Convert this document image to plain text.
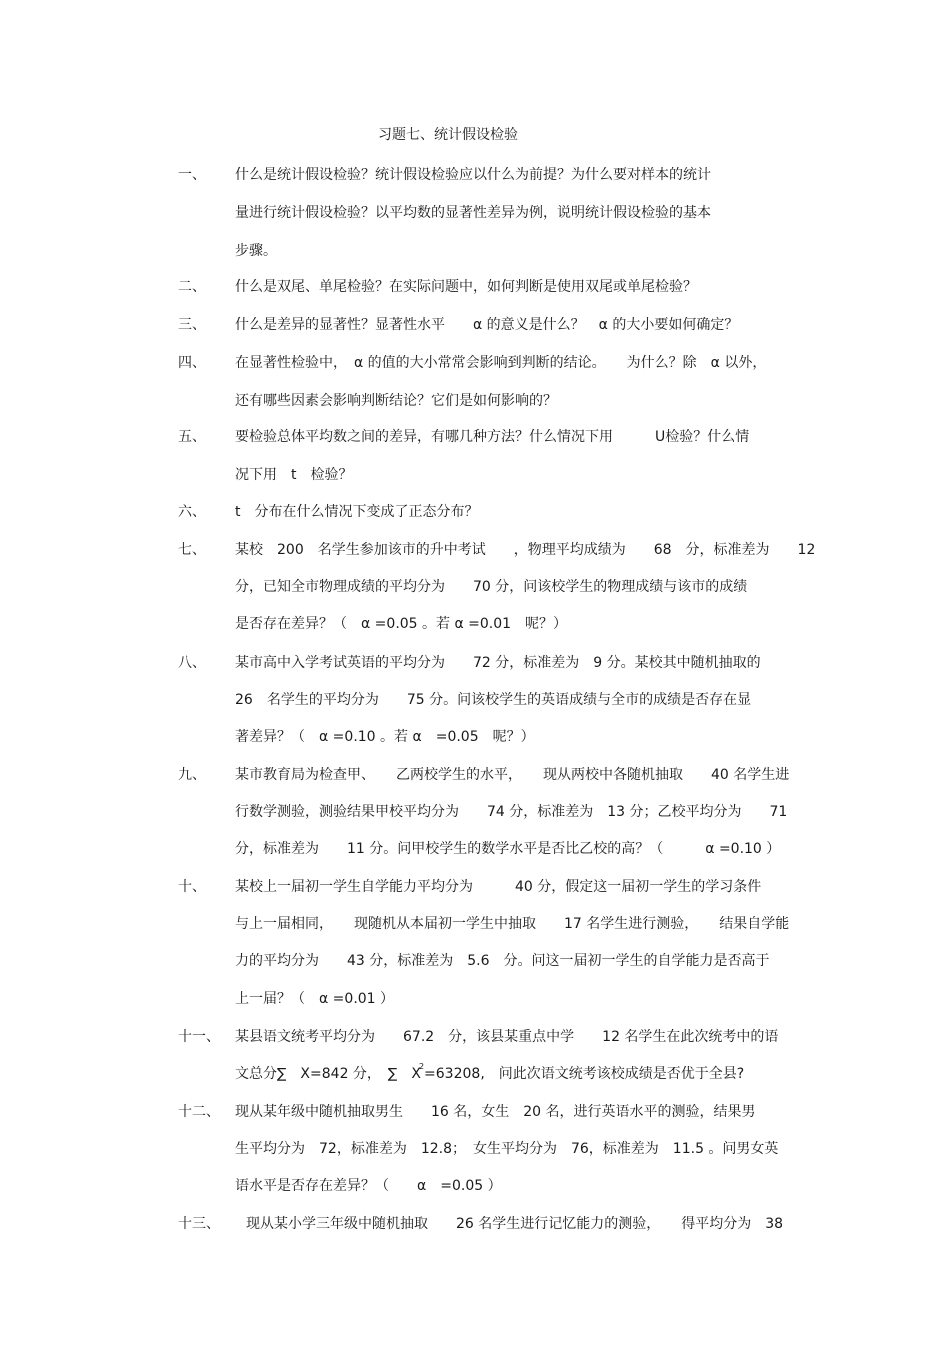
习题七、统计假设检验
一、 什么是统计假设检验？统计假设检验应以什么为前提？为什么要对样本的统计
量进行统计假设检验？以平均数的显著性差异为例，说明统计假设检验的基本
步骤。
二、 什么是双尾、单尾检验？在实际问题中，如何判断是使用双尾或单尾检验？
三、 什么是差异的显著性？显著性水平　　α 的意义是什么？　α 的大小要如何确定？
四、 在显著性检验中，　α 的值的大小常常会影响到判断的结论。　　为什么？除　α 以外，
还有哪些因素会影响判断结论？它们是如何影响的？
五、 要检验总体平均数之间的差异，有哪几种方法？什么情况下用　　　U检验？什么情
况下用　t　检验？
六、 t　分布在什么情况下变成了正态分布？
七、 某校　200　名学生参加该市的升中考试　　，物理平均成绩为　　68　分，标准差为　　12
分，已知全市物理成绩的平均分为　　70 分，问该校学生的物理成绩与该市的成绩
是否存在差异？（　α =0.05 。若 α =0.01　呢？）
八、 某市高中入学考试英语的平均分为　　72 分，标准差为　9 分。某校其中随机抽取的
26　名学生的平均分为　　75 分。问该校学生的英语成绩与全市的成绩是否存在显
著差异？（　α =0.10 。若 α　=0.05　呢？）
九、 某市教育局为检查甲、　　乙两校学生的水平，　　现从两校中各随机抽取　　40 名学生进
行数学测验，测验结果甲校平均分为　　74 分，标准差为　13 分；乙校平均分为　　71
分，标准差为　　11 分。问甲校学生的数学水平是否比乙校的高？（　　　α =0.10 ）
十、 某校上一届初一学生自学能力平均分为　　　40 分，假定这一届初一学生的学习条件
与上一届相同，　　现随机从本届初一学生中抽取　　17 名学生进行测验，　　结果自学能
力的平均分为　　43 分，标准差为　5.6　分。问这一届初一学生的自学能力是否高于
上一届？（　α =0.01 ）
十一、 某县语文统考平均分为　　67.2　分，该县某重点中学　　12 名学生在此次统考中的语
文总分∑　X=842 分，　∑　$X^2=63208$,　问此次语文统考该校成绩是否优于全县?
十二、 现从某年级中随机抽取男生　　16 名，女生　20 名，进行英语水平的测验，结果男
生平均分为　72，标准差为　12.8；　女生平均分为　76，标准差为　11.5 。问男女英
语水平是否存在差异？（　　α　=0.05 ）
十三、 现从某小学三年级中随机抽取　　26 名学生进行记忆能力的测验，　　得平均分为　38
